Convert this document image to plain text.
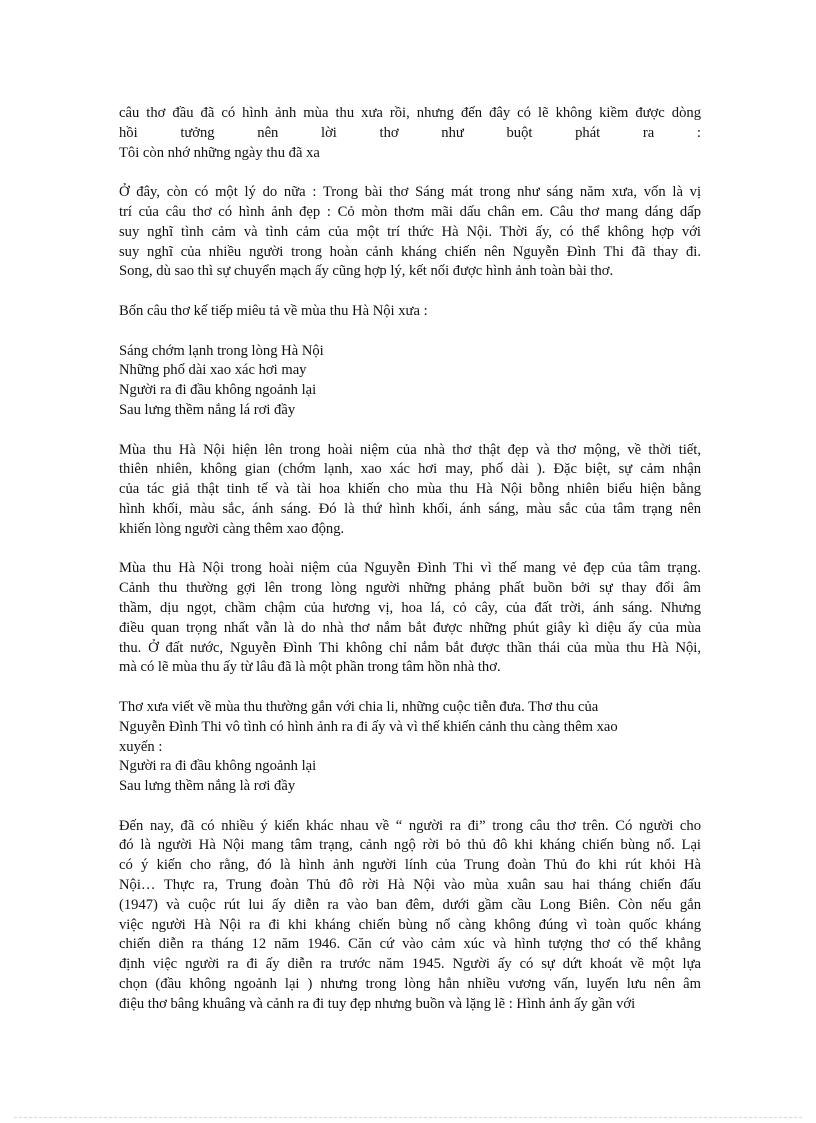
câu thơ đầu đã có hình ảnh mùa thu xưa rồi, nhưng đến đây có lẽ không kiềm được dòng
hồi tưởng nên lời thơ như buột phát ra :
Tôi còn nhớ những ngày thu đã xa

Ở đây, còn có một lý do nữa : Trong bài thơ Sáng mát trong như sáng năm xưa, vốn là vị
trí của câu thơ có hình ảnh đẹp : Cỏ mòn thơm mãi dấu chân em. Câu thơ mang dáng dấp
suy nghĩ tình cảm và tình cảm của một trí thức Hà Nội. Thời ấy, có thể không hợp với
suy nghĩ của nhiều người trong hoàn cảnh kháng chiến nên Nguyễn Đình Thi đã thay đi.
Song, dù sao thì sự chuyển mạch ấy cũng hợp lý, kết nối được hình ảnh toàn bài thơ.

Bốn câu thơ kế tiếp miêu tả về mùa thu Hà Nội xưa :

Sáng chớm lạnh trong lòng Hà Nội
Những phố dài xao xác hơi may
Người ra đi đầu không ngoảnh lại
Sau lưng thềm nắng lá rơi đầy

Mùa thu Hà Nội hiện lên trong hoài niệm của nhà thơ thật đẹp và thơ mộng, về thời tiết,
thiên nhiên, không gian (chớm lạnh, xao xác hơi may, phố dài ). Đặc biệt, sự cảm nhận
của tác giả thật tinh tế và tài hoa khiến cho mùa thu Hà Nội bỗng nhiên biểu hiện bằng
hình khối, màu sắc, ánh sáng. Đó là thứ hình khối, ánh sáng, màu sắc của tâm trạng nên
khiến lòng người càng thêm xao động.

Mùa thu Hà Nội trong hoài niệm của Nguyễn Đình Thi vì thế mang vẻ đẹp của tâm trạng.
Cảnh thu thường gợi lên trong lòng người những phảng phất buồn bởi sự thay đổi âm
thầm, dịu ngọt, chầm chậm của hương vị, hoa lá, cỏ cây, của đất trời, ánh sáng. Nhưng
điều quan trọng nhất vẫn là do nhà thơ nắm bắt được những phút giây kì diệu ấy của mùa
thu. Ở đất nước, Nguyễn Đình Thi không chỉ nắm bắt được thần thái của mùa thu Hà Nội,
mà có lẽ mùa thu ấy từ lâu đã là một phần trong tâm hồn nhà thơ.

Thơ xưa viết về mùa thu thường gắn với chia li, những cuộc tiễn đưa. Thơ thu của
Nguyễn Đình Thi vô tình có hình ảnh ra đi ấy và vì thế khiến cảnh thu càng thêm xao
xuyến :
Người ra đi đầu không ngoảnh lại
Sau lưng thềm nắng là rơi đầy

Đến nay, đã có nhiều ý kiến khác nhau về “ người ra đi” trong câu thơ trên. Có người cho
đó là người Hà Nội mang tâm trạng, cảnh ngộ rời bỏ thủ đô khi kháng chiến bùng nổ. Lại
có ý kiến cho rằng, đó là hình ảnh người lính của Trung đoàn Thủ đo khi rút khỏi Hà
Nội… Thực ra, Trung đoàn Thủ đô rời Hà Nội vào mùa xuân sau hai tháng chiến đấu
(1947) và cuộc rút lui ấy diễn ra vào ban đêm, dưới gầm cầu Long Biên. Còn nếu gắn
việc người Hà Nội ra đi khi kháng chiến bùng nổ càng không đúng vì toàn quốc kháng
chiến diễn ra tháng 12 năm 1946. Căn cứ vào cảm xúc và hình tượng thơ có thể khẳng
định việc người ra đi ấy diễn ra trước năm 1945. Người ấy có sự dứt khoát về một lựa
chọn (đầu không ngoảnh lại ) nhưng trong lòng hẳn nhiều vương vấn, luyến lưu nên âm
điệu thơ bâng khuâng và cảnh ra đi tuy đẹp nhưng buồn và lặng lẽ : Hình ảnh ấy gần với
